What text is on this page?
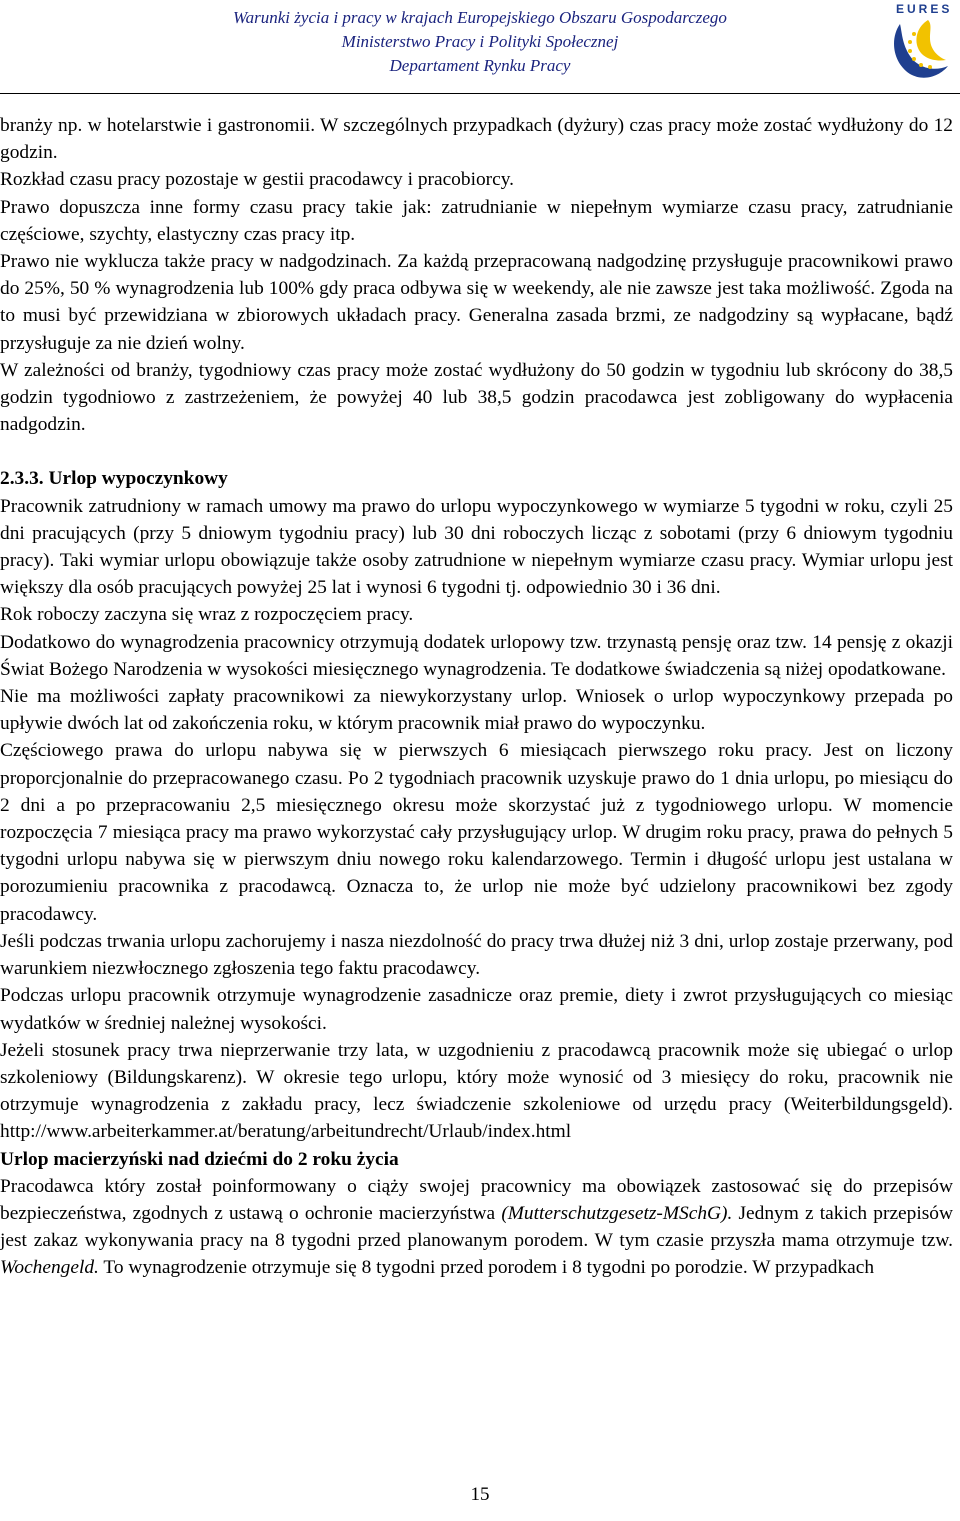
Warunki życia i pracy w krajach Europejskiego Obszaru Gospodarczego
Ministerstwo Pracy i Polityki Społecznej
Departament Rynku Pracy
EURES

branży np. w hotelarstwie i gastronomii. W szczególnych przypadkach (dyżury) czas pracy może zostać wydłużony do 12 godzin.

Rozkład czasu pracy pozostaje w gestii pracodawcy i pracobiorcy.

Prawo dopuszcza inne formy czasu pracy takie jak: zatrudnianie w niepełnym wymiarze czasu pracy, zatrudnianie częściowe, szychty, elastyczny czas pracy itp.

Prawo nie wyklucza także pracy w nadgodzinach. Za każdą przepracowaną nadgodzinę przysługuje pracownikowi prawo do 25%, 50 % wynagrodzenia lub 100% gdy praca odbywa się w weekendy, ale nie zawsze jest taka możliwość. Zgoda na to musi być przewidziana w zbiorowych układach pracy. Generalna zasada brzmi, ze nadgodziny są wypłacane, bądź przysługuje za nie dzień wolny.

W zależności od branży, tygodniowy czas pracy może zostać wydłużony do 50 godzin w tygodniu lub skrócony do 38,5 godzin tygodniowo z zastrzeżeniem, że powyżej 40 lub 38,5 godzin pracodawca jest zobligowany do wypłacenia nadgodzin.

2.3.3. Urlop wypoczynkowy

Pracownik zatrudniony w ramach umowy ma prawo do urlopu wypoczynkowego w wymiarze 5 tygodni w roku, czyli 25 dni pracujących (przy 5 dniowym tygodniu pracy) lub 30 dni roboczych licząc z sobotami (przy 6 dniowym tygodniu pracy). Taki wymiar urlopu obowiązuje także osoby zatrudnione w niepełnym wymiarze czasu pracy. Wymiar urlopu jest większy dla osób pracujących powyżej 25 lat i wynosi 6 tygodni tj. odpowiednio 30 i 36 dni.

Rok roboczy zaczyna się wraz z rozpoczęciem pracy.

Dodatkowo do wynagrodzenia pracownicy otrzymują dodatek urlopowy tzw. trzynastą pensję oraz tzw. 14 pensję z okazji Świat Bożego Narodzenia w wysokości miesięcznego wynagrodzenia. Te dodatkowe świadczenia są niżej opodatkowane.

Nie ma możliwości zapłaty pracownikowi za niewykorzystany urlop. Wniosek o urlop wypoczynkowy przepada po upływie dwóch lat od zakończenia roku, w którym pracownik miał prawo do wypoczynku.

Częściowego prawa do urlopu nabywa się w pierwszych 6 miesiącach pierwszego roku pracy. Jest on liczony proporcjonalnie do przepracowanego czasu. Po 2 tygodniach pracownik uzyskuje prawo do 1 dnia urlopu, po miesiącu do 2 dni a po przepracowaniu 2,5 miesięcznego okresu może skorzystać już z tygodniowego urlopu. W momencie rozpoczęcia 7 miesiąca pracy ma prawo wykorzystać cały przysługujący urlop. W drugim roku pracy, prawa do pełnych 5 tygodni urlopu nabywa się w pierwszym dniu nowego roku kalendarzowego. Termin i długość urlopu jest ustalana w porozumieniu pracownika z pracodawcą. Oznacza to, że urlop nie może być udzielony pracownikowi bez zgody pracodawcy.

Jeśli podczas trwania urlopu zachorujemy i nasza niezdolność do pracy trwa dłużej niż 3 dni, urlop zostaje przerwany, pod warunkiem niezwłocznego zgłoszenia tego faktu pracodawcy.

Podczas urlopu pracownik otrzymuje wynagrodzenie zasadnicze oraz premie, diety i zwrot przysługujących co miesiąc wydatków w średniej należnej wysokości.

Jeżeli stosunek pracy trwa nieprzerwanie trzy lata, w uzgodnieniu z pracodawcą pracownik może się ubiegać o urlop szkoleniowy (Bildungskarenz). W okresie tego urlopu, który może wynosić od 3 miesięcy do roku, pracownik nie otrzymuje wynagrodzenia z zakładu pracy, lecz świadczenie szkoleniowe od urzędu pracy (Weiterbildungsgeld).

http://www.arbeiterkammer.at/beratung/arbeitundrecht/Urlaub/index.html

Urlop macierzyński nad dziećmi do 2 roku życia

Pracodawca który został poinformowany o ciąży swojej pracownicy ma obowiązek zastosować się do przepisów bezpieczeństwa, zgodnych z ustawą o ochronie macierzyństwa (Mutterschutzgesetz-MSchG). Jednym z takich przepisów jest zakaz wykonywania pracy na 8 tygodni przed planowanym porodem. W tym czasie przyszła mama otrzymuje tzw. Wochengeld. To wynagrodzenie otrzymuje się 8 tygodni przed porodem i 8 tygodni po porodzie. W przypadkach

15
